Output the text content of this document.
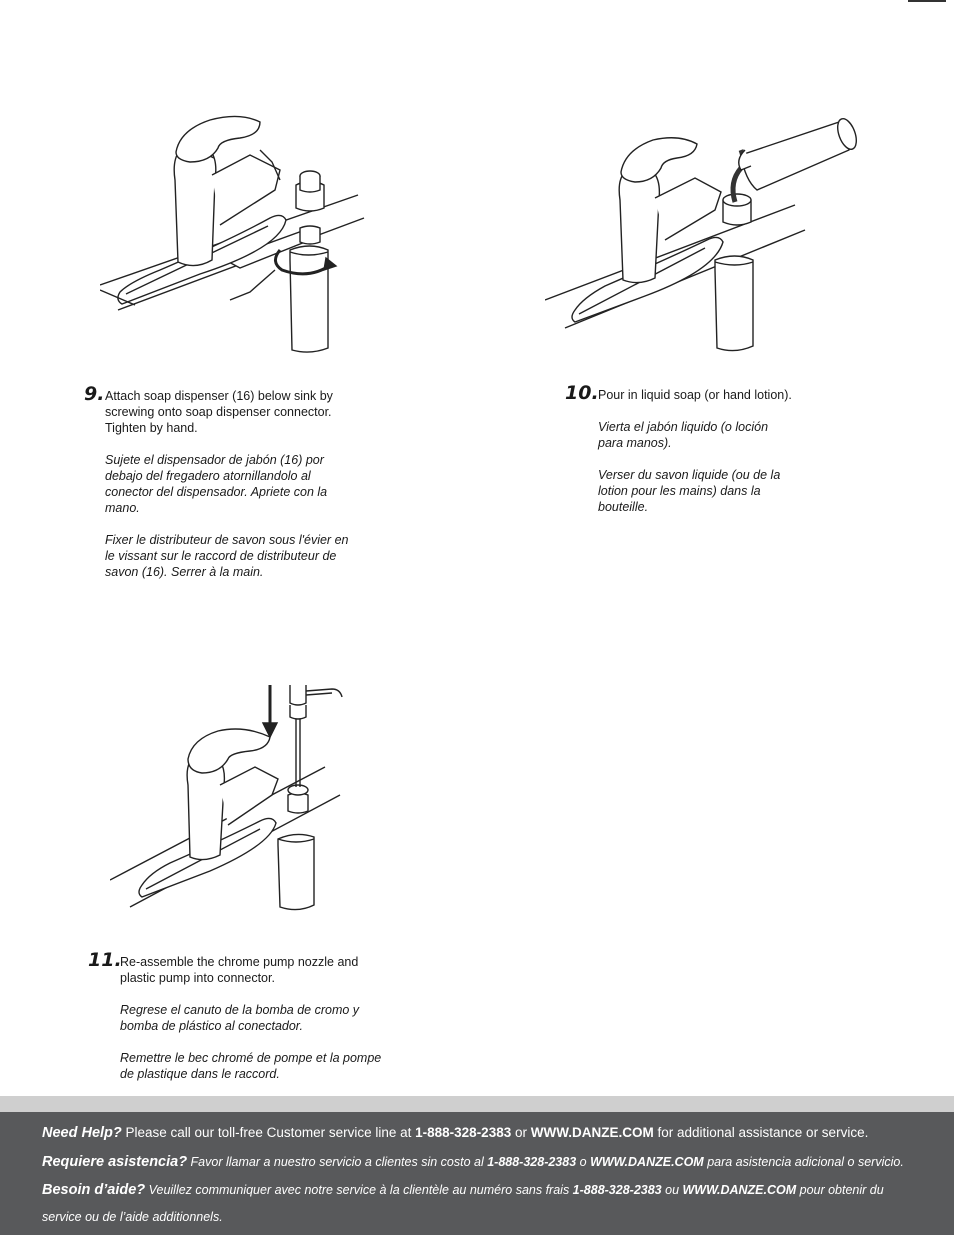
9. Attach soap dispenser (16) below sink by
screwing onto soap dispenser connector.
Tighten by hand.

Sujete el dispensador de jabón (16) por
debajo del fregadero atornillandolo al
conector del dispensador. Apriete con la
mano.

Fixer le distributeur de savon sous l'évier en
le vissant sur le raccord de distributeur de
savon (16). Serrer à la main.

10. Pour in liquid soap (or hand lotion).

Vierta el jabón liquido (o loción
para manos).

Verser du savon liquide (ou de la
lotion pour les mains) dans la
bouteille.

11.

Re-assemble the chrome pump nozzle and
plastic pump into connector.

Regrese el canuto de la bomba de cromo y
bomba de plástico al conectador.

Remettre le bec chromé de pompe et la pompe
de plastique dans le raccord.

Need Help? Please call our toll-free Customer service line at 1-888-328-2383 or WWW.DANZE.COM for additional assistance or service.
Requiere asistencia? Favor llamar a nuestro servicio a clientes sin costo al 1-888-328-2383 o WWW.DANZE.COM para asistencia adicional o servicio.
Besoin d’aide? Veuillez communiquer avec notre service à la clientèle au numéro sans frais 1-888-328-2383 ou WWW.DANZE.COM pour obtenir du
service ou de l’aide additionnels.
